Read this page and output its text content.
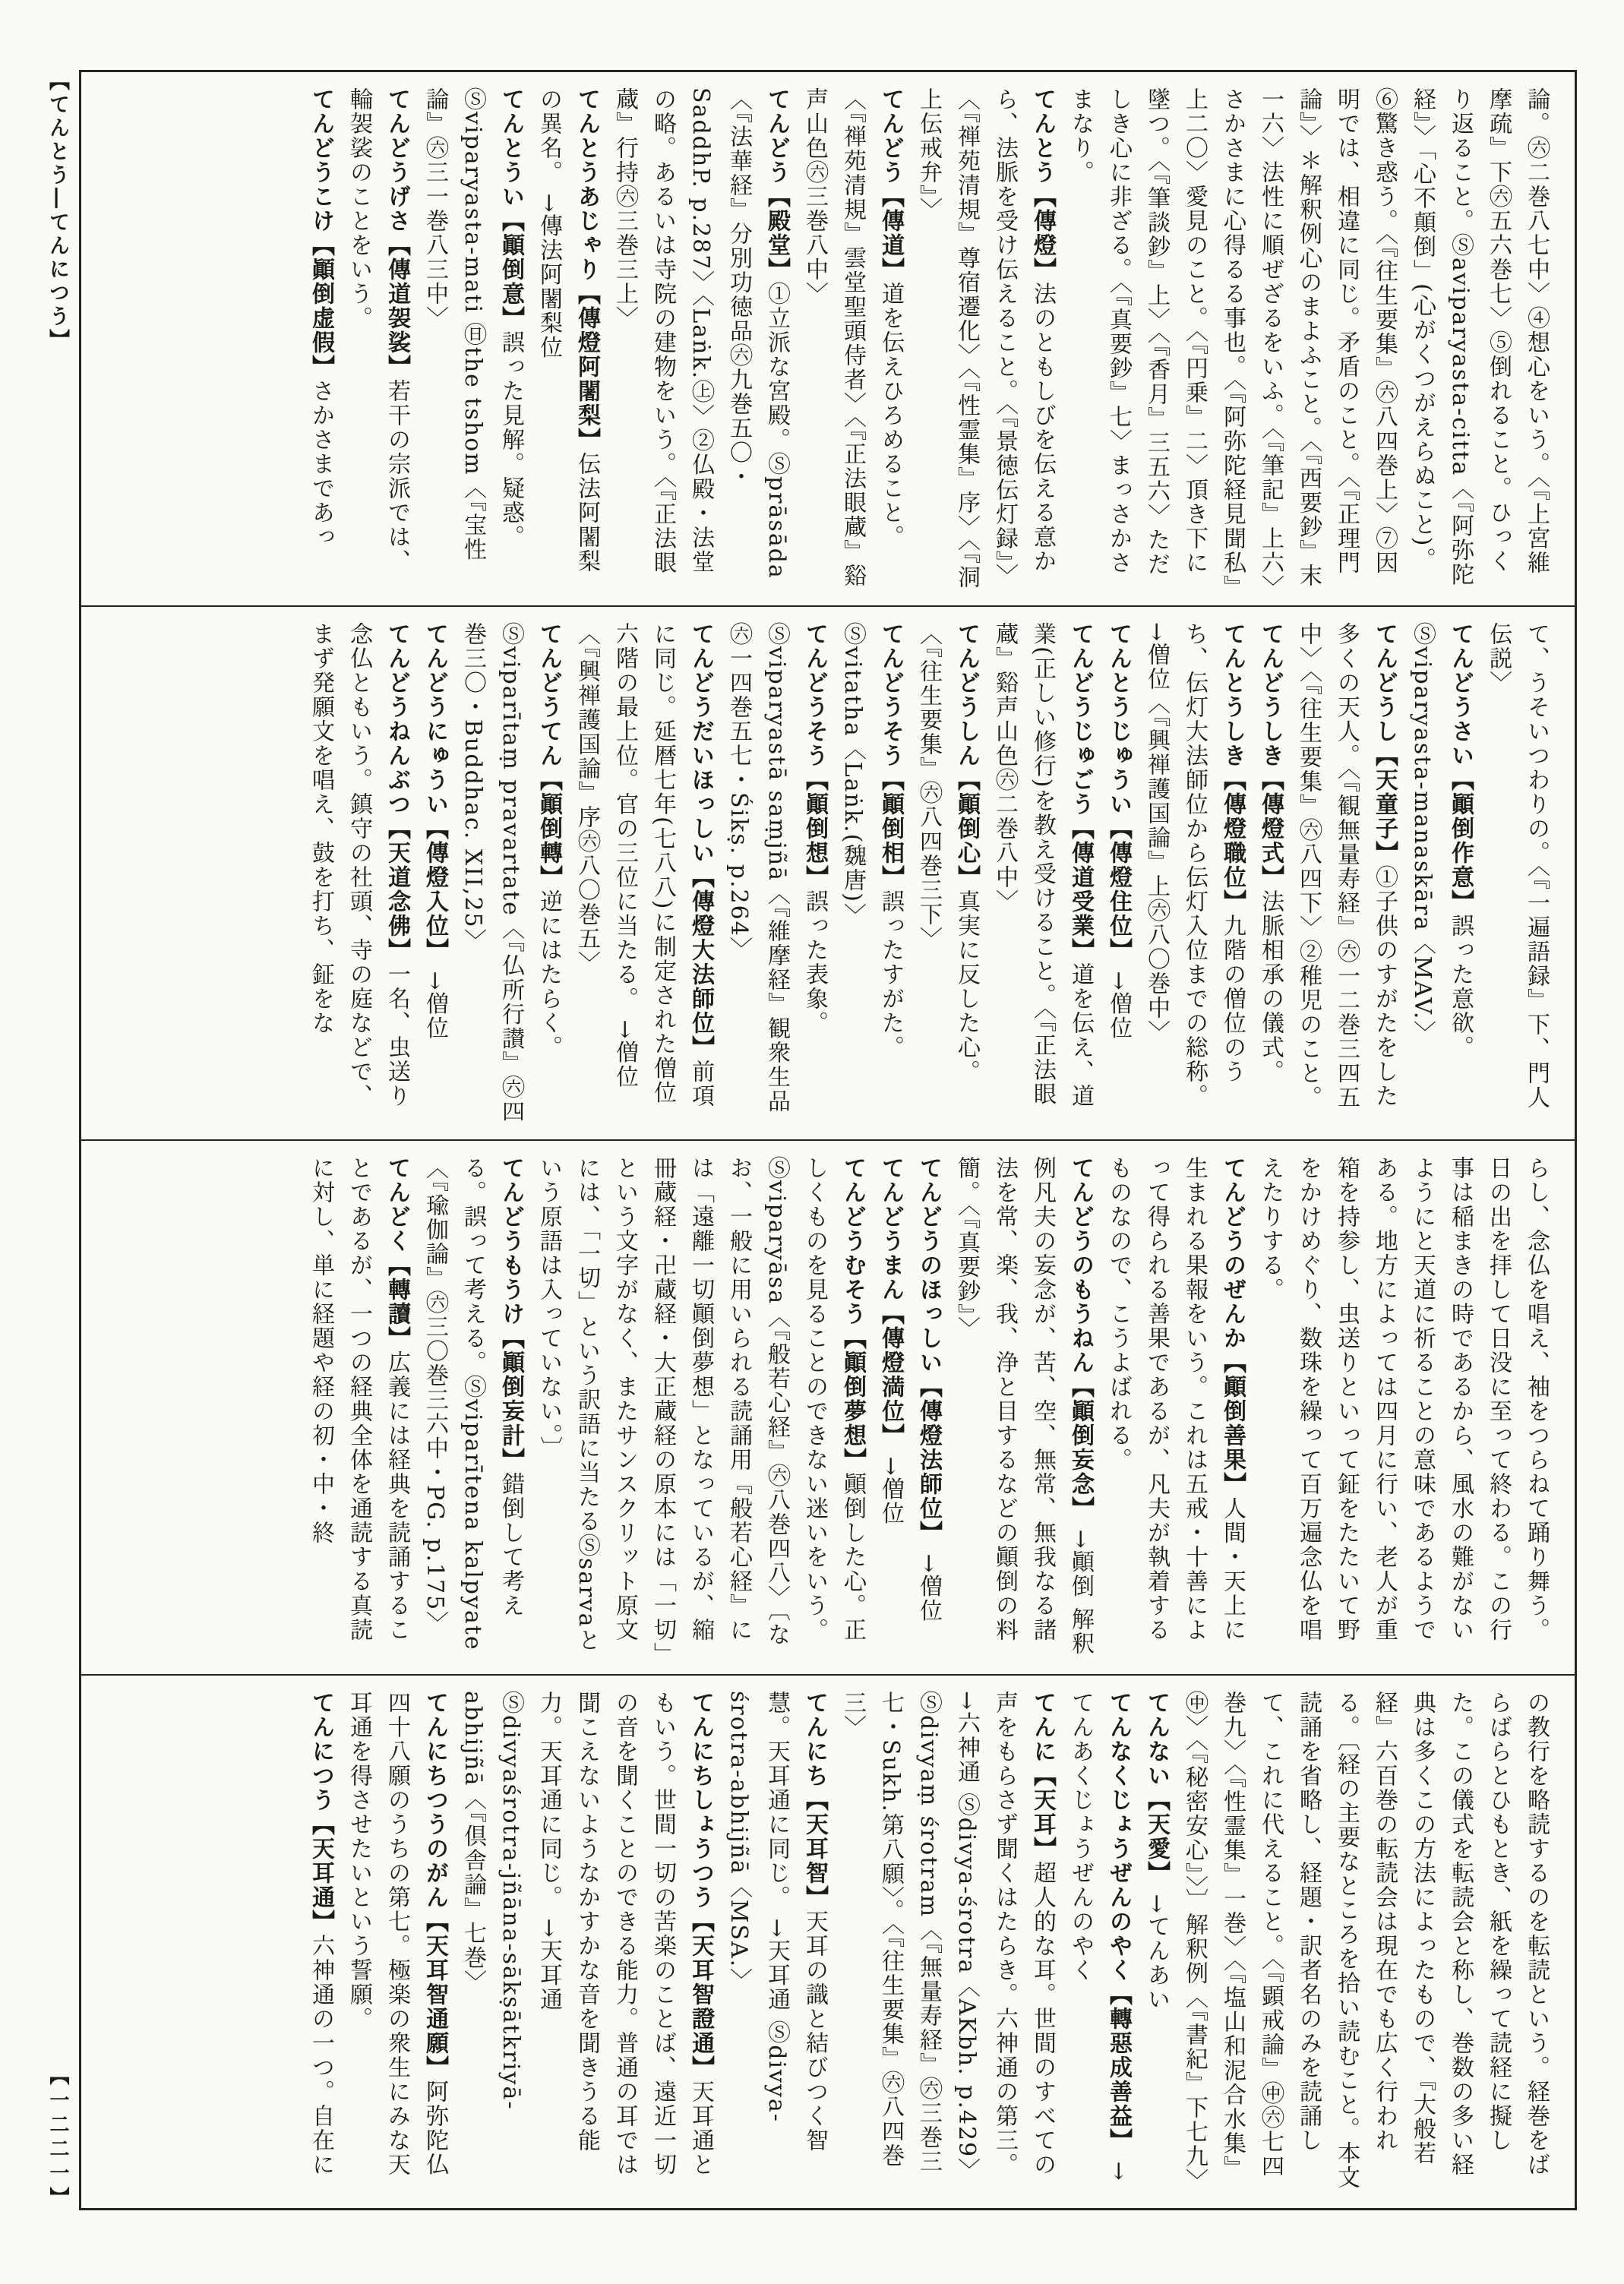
【てんとう―てんにつう】
【一二二一】

論。㊅二巻八七中〉④想心をいう。〈『上宮維摩疏』下㊅五六巻七〉⑤倒れること。ひっくり返ること。Ⓢaviparyasta-citta〈『阿弥陀経』〉「心不顛倒」(心がくつがえらぬこと)。⑥驚き惑う。〈『往生要集』㊅八四巻上〉⑦因明では、相違に同じ。矛盾のこと。〈『正理門論』〉＊解釈例心のまよふこと。〈『西要鈔』末一六〉法性に順ぜざるをいふ。〈『筆記』上六〉さかさまに心得るる事也。〈『阿弥陀経見聞私』上二〇〉愛見のこと。〈『円乗』二〉頂き下に墜つ。〈『筆談鈔』上〉〈『香月』三五六〉ただしき心に非ざる。〈『真要鈔』七〉まっさかさまなり。

てんとう【傳燈】法のともしびを伝える意から、法脈を受け伝えること。〈『景徳伝灯録』〉〈『禅苑清規』尊宿遷化〉〈『性霊集』序〉〈『洞上伝戒弁』〉

てんどう【傳道】道を伝えひろめること。〈『禅苑清規』雲堂聖頭侍者〉〈『正法眼蔵』谿声山色㊅三巻八中〉

てんどう【殿堂】①立派な宮殿。Ⓢprāsāda〈『法華経』分別功徳品㊅九巻五〇・SaddhP. p.287〉〈Laṅk.㊤〉②仏殿・法堂の略。あるいは寺院の建物をいう。〈『正法眼蔵』行持㊅三巻三上〉

てんとうあじゃり【傳燈阿闍梨】伝法阿闍梨の異名。 →傳法阿闍梨位

てんとうい【顚倒意】誤った見解。疑惑。Ⓢviparyasta-mati ㊐the tshom〈『宝性論』㊅三一巻八三中〉

てんどうげさ【傳道袈裟】若干の宗派では、輪袈裟のことをいう。

てんどうこけ【顚倒虚假】さかさまであっ

て、うそいつわりの。〈『一遍語録』下、門人伝説〉

てんどうさい【顚倒作意】誤った意欲。Ⓢviparyasta-manaskāra〈MAV.〉

てんどうし【天童子】①子供のすがたをした多くの天人。〈『観無量寿経』㊅一二巻三四五中〉〈『往生要集』㊅八四下〉②稚児のこと。

てんどうしき【傳燈式】法脈相承の儀式。

てんとうしき【傳燈職位】九階の僧位のうち、伝灯大法師位から伝灯入位までの総称。 →僧位〈『興禅護国論』上㊅八〇巻中〉

てんとうじゅうい【傳燈住位】 →僧位

てんどうじゅごう【傳道受業】道を伝え、道業(正しい修行)を教え受けること。〈『正法眼蔵』谿声山色㊅二巻八中〉

てんどうしん【顚倒心】真実に反した心。〈『往生要集』㊅八四巻三下〉

てんどうそう【顚倒相】誤ったすがた。Ⓢvitatha〈Laṅk.(魏唐)〉

てんどうそう【顚倒想】誤った表象。Ⓢviparyastā saṃjñā〈『維摩経』観衆生品㊅一四巻五七・Śikṣ. p.264〉

てんどうだいほっしい【傳燈大法師位】前項に同じ。延暦七年(七八八)に制定された僧位六階の最上位。官の三位に当たる。 →僧位〈『興禅護国論』序㊅八〇巻五〉

てんどうてん【顚倒轉】逆にはたらく。Ⓢviparītaṃ pravartate〈『仏所行讃』㊅四巻三〇・Buddhac. XII,25〉

てんどうにゅうい【傳燈入位】 →僧位

てんどうねんぶつ【天道念佛】一名、虫送り念仏ともいう。鎮守の社頭、寺の庭などで、まず発願文を唱え、鼓を打ち、鉦をな

らし、念仏を唱え、袖をつらねて踊り舞う。日の出を拝して日没に至って終わる。この行事は稲まきの時であるから、風水の難がないようにと天道に祈ることの意味であるようである。地方によっては四月に行い、老人が重箱を持参し、虫送りといって鉦をたたいて野をかけめぐり、数珠を繰って百万遍念仏を唱えたりする。

てんどうのぜんか【顚倒善果】人間・天上に生まれる果報をいう。これは五戒・十善によって得られる善果であるが、凡夫が執着するものなので、こうよばれる。

てんどうのもうねん【顚倒妄念】 →顚倒 解釈例凡夫の妄念が、苦、空、無常、無我なる諸法を常、楽、我、浄と目するなどの顚倒の料簡。〈『真要鈔』〉

てんどうのほっしい【傳燈法師位】 →僧位

てんどうまん【傳燈満位】 →僧位

てんどうむそう【顚倒夢想】顚倒した心。正しくものを見ることのできない迷いをいう。Ⓢviparyāsa〈『般若心経』㊅八巻四八〉〔なお、一般に用いられる読誦用『般若心経』には「遠離一切顚倒夢想」となっているが、縮冊蔵経・卍蔵経・大正蔵経の原本には「一切」という文字がなく、またサンスクリット原文には、「一切」という訳語に当たるⓈsarvaという原語は入っていない。〕

てんどうもうけ【顚倒妄計】錯倒して考える。誤って考える。Ⓢviparītena kalpyate〈『瑜伽論』㊅三〇巻三六中・PG. p.175〉

てんどく【轉讀】広義には経典を読誦することであるが、一つの経典全体を通読する真読に対し、単に経題や経の初・中・終

の教行を略読するのを転読という。経巻をばらばらとひもとき、紙を繰って読経に擬した。この儀式を転読会と称し、巻数の多い経典は多くこの方法によったもので、『大般若経』六百巻の転読会は現在でも広く行われる。〔経の主要なところを拾い読むこと。本文読誦を省略し、経題・訳者名のみを読誦して、これに代えること。〈『顕戒論』㊥㊅七四巻九〉〈『性霊集』一巻〉〈『塩山和泥合水集』㊥〉〈『秘密安心』〉〕解釈例〈『書紀』下七九〉

てんない【天愛】 →てんあい

てんなくじょうぜんのやく【轉惡成善益】 →てんあくじょうぜんのやく

てんに【天耳】超人的な耳。世間のすべての声をもらさず聞くはたらき。六神通の第三。 →六神通 Ⓢdivya-śrotra〈AKbh. p.429〉Ⓢdivyaṃ śrotram〈『無量寿経』㊅三巻三七・Sukh.第八願〉。〈『往生要集』㊅八四巻三〉

てんにち【天耳智】天耳の識と結びつく智慧。天耳通に同じ。 →天耳通 Ⓢdivya-śrotra-abhijñā〈MSA.〉

てんにちしょうつう【天耳智證通】天耳通ともいう。世間一切の苦楽のことば、遠近一切の音を聞くことのできる能力。普通の耳では聞こえないようなかすかな音を聞きうる能力。天耳通に同じ。 →天耳通 Ⓢdivyaśrotra-jñāna-sākṣātkriyā-abhijñā〈『倶舎論』七巻〉

てんにちつうのがん【天耳智通願】阿弥陀仏四十八願のうちの第七。極楽の衆生にみな天耳通を得させたいという誓願。

てんにつう【天耳通】六神通の一つ。自在に
